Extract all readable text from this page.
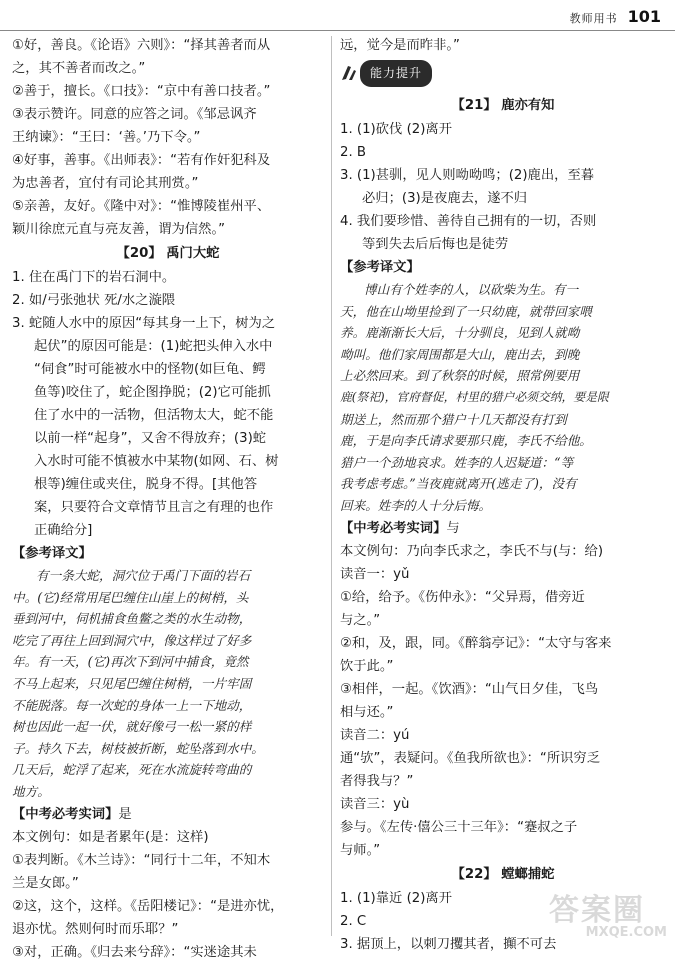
教师用书 101
①好，善良。《论语》六则》：“择其善者而从
之，其不善者而改之。”
②善于，擅长。《口技》：“京中有善口技者。”
③表示赞许。同意的应答之词。《邹忌讽齐
王纳谏》：“王曰：‘善。’乃下令。”
④好事，善事。《出师表》：“若有作奸犯科及
为忠善者，宜付有司论其刑赏。”
⑤亲善，友好。《隆中对》：“惟博陵崔州平、
颖川徐庶元直与亮友善，谓为信然。”
【20】 禹门大蛇
1. 住在禹门下的岩石洞中。
2. 如/弓张弛状 死/水之漩隈
3. 蛇随人水中的原因“每其身一上下，树为之
起伏”的原因可能是：(1)蛇把头伸入水中
“伺食”时可能被水中的怪物(如巨龟、鳄
鱼等)咬住了，蛇企图挣脱；(2)它可能抓
住了水中的一活物，但活物太大，蛇不能
以前一样“起身”，又舍不得放弃；(3)蛇
入水时可能不慎被水中某物(如网、石、树
根等)缠住或夹住，脱身不得。[其他答
案，只要符合文章情节且言之有理的也作
正确给分]
【参考译文】
有一条大蛇，洞穴位于禹门下面的岩石
中。(它)经常用尾巴缠住山崖上的树梢，头
垂到河中，伺机捕食鱼鳖之类的水生动物，
吃完了再往上回到洞穴中，像这样过了好多
年。有一天，(它)再次下到河中捕食，竟然
不马上起来，只见尾巴缠住树梢，一片牢固
不能脱落。每一次蛇的身体一上一下地动，
树也因此一起一伏，就好像弓一松一紧的样
子。持久下去，树枝被折断，蛇坠落到水中。
几天后，蛇浮了起来，死在水流旋转弯曲的
地方。
【中考必考实词】是
本文例句：如是者累年(是：这样)
①表判断。《木兰诗》：“同行十二年，不知木
兰是女郎。”
②这，这个，这样。《岳阳楼记》：“是进亦忧，
退亦忧。然则何时而乐耶？”
③对，正确。《归去来兮辞》：“实迷途其未
远，觉今是而昨非。”
能力提升
【21】 鹿亦有知
1. (1)砍伐 (2)离开
2. B
3. (1)甚驯，见人则呦呦鸣；(2)鹿出，至暮
必归；(3)是夜鹿去，遂不归
4. 我们要珍惜、善待自己拥有的一切，否则
等到失去后后悔也是徒劳
【参考译文】
博山有个姓李的人，以砍柴为生。有一
天，他在山坳里捡到了一只幼鹿，就带回家喂
养。鹿渐渐长大后，十分驯良，见到人就呦
呦叫。他们家周围都是大山，鹿出去，到晚
上必然回来。到了秋祭的时候，照常例要用
鹿(祭祀)，官府督促，村里的猎户必须交纳，要是限
期送上，然而那个猎户十几天都没有打到
鹿，于是向李氏请求要那只鹿，李氏不给他。
猎户一个劲地哀求。姓李的人迟疑道：“等
我考虑考虑。”当夜鹿就离开(逃走了)，没有
回来。姓李的人十分后悔。
【中考必考实词】与
本文例句：乃向李氏求之，李氏不与(与：给)
读音一：yǔ
①给，给予。《伤仲永》：“父异焉，借旁近
与之。”
②和，及，跟，同。《醉翁亭记》：“太守与客来
饮于此。”
③相伴，一起。《饮酒》：“山气日夕佳，飞鸟
相与还。”
读音二：yú
通“欤”，表疑问。《鱼我所欲也》：“所识穷乏
者得我与？”
读音三：yù
参与。《左传·僖公三十三年》：“蹇叔之子
与师。”
【22】 螳螂捕蛇
1. (1)靠近 (2)离开
2. C
3. 据顶上，以刺刀攫其者，攧不可去
答案圈
MXQE.COM
